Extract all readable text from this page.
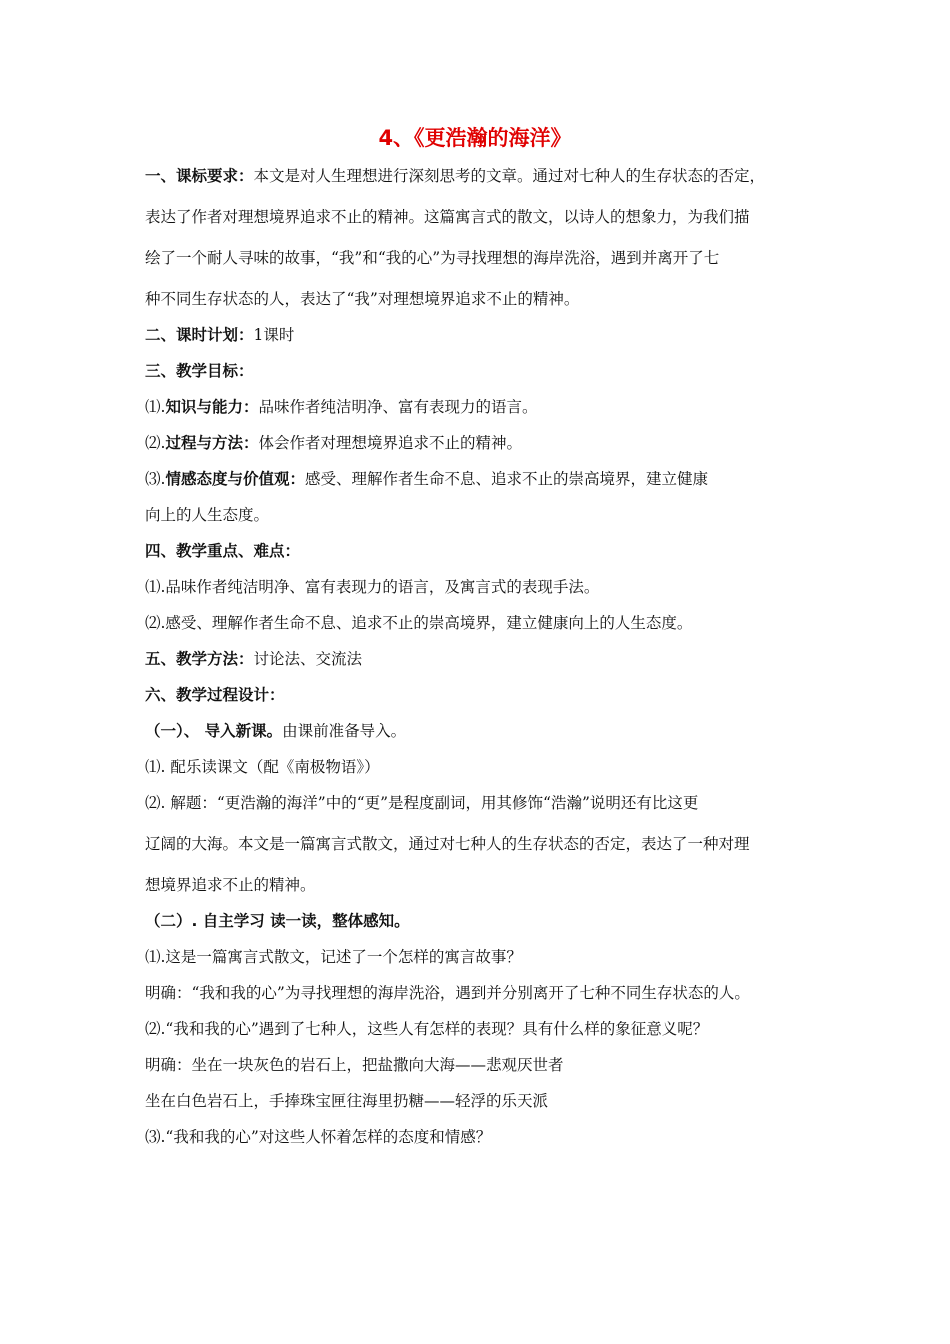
4、《更浩瀚的海洋》
一、课标要求：本文是对人生理想进行深刻思考的文章。通过对七种人的生存状态的否定，
表达了作者对理想境界追求不止的精神。这篇寓言式的散文，以诗人的想象力，为我们描
绘了一个耐人寻味的故事，“我”和“我的心”为寻找理想的海岸洗浴，遇到并离开了七
种不同生存状态的人，表达了“我”对理想境界追求不止的精神。
二、课时计划：1课时
三、教学目标：
⑴.知识与能力：品味作者纯洁明净、富有表现力的语言。
⑵.过程与方法：体会作者对理想境界追求不止的精神。
⑶.情感态度与价值观：感受、理解作者生命不息、追求不止的崇高境界，建立健康
向上的人生态度。
四、教学重点、难点：
⑴.品味作者纯洁明净、富有表现力的语言，及寓言式的表现手法。
⑵.感受、理解作者生命不息、追求不止的崇高境界，建立健康向上的人生态度。
五、教学方法：讨论法、交流法
六、教学过程设计：
（一）、 导入新课。由课前准备导入。
⑴. 配乐读课文（配《南极物语》）
⑵. 解题：“更浩瀚的海洋”中的“更”是程度副词，用其修饰“浩瀚”说明还有比这更
辽阔的大海。本文是一篇寓言式散文，通过对七种人的生存状态的否定，表达了一种对理
想境界追求不止的精神。
（二）. 自主学习 读一读，整体感知。
⑴.这是一篇寓言式散文，记述了一个怎样的寓言故事？
明确：“我和我的心”为寻找理想的海岸洗浴，遇到并分别离开了七种不同生存状态的人。
⑵.“我和我的心”遇到了七种人，这些人有怎样的表现？具有什么样的象征意义呢？
明确：坐在一块灰色的岩石上，把盐撒向大海——悲观厌世者
坐在白色岩石上，手捧珠宝匣往海里扔糖——轻浮的乐天派
⑶.“我和我的心”对这些人怀着怎样的态度和情感？
